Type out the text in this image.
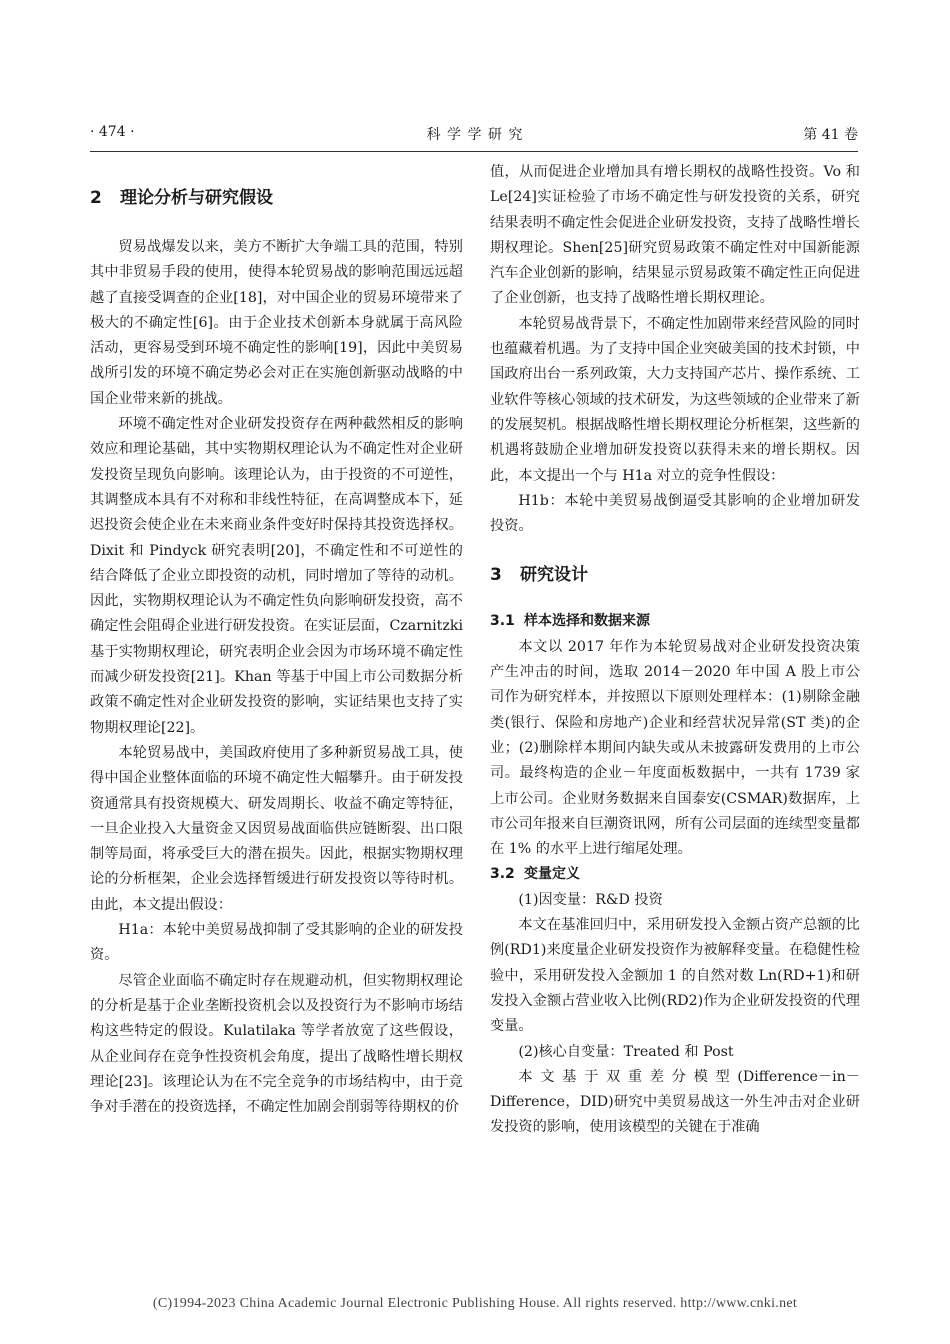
· 474 ·	科 学 学 研 究	第 41 卷
2 理论分析与研究假设

贸易战爆发以来，美方不断扩大争端工具的范围，特别其中非贸易手段的使用，使得本轮贸易战的影响范围远远超越了直接受调查的企业[18]，对中国企业的贸易环境带来了极大的不确定性[6]。由于企业技术创新本身就属于高风险活动，更容易受到环境不确定性的影响[19]，因此中美贸易战所引发的环境不确定势必会对正在实施创新驱动战略的中国企业带来新的挑战。

环境不确定性对企业研发投资存在两种截然相反的影响效应和理论基础，其中实物期权理论认为不确定性对企业研发投资呈现负向影响。该理论认为，由于投资的不可逆性，其调整成本具有不对称和非线性特征，在高调整成本下，延迟投资会使企业在未来商业条件变好时保持其投资选择权。Dixit 和 Pindyck 研究表明[20]，不确定性和不可逆性的结合降低了企业立即投资的动机，同时增加了等待的动机。因此，实物期权理论认为不确定性负向影响研发投资，高不确定性会阻碍企业进行研发投资。在实证层面，Czarnitzki 基于实物期权理论，研究表明企业会因为市场环境不确定性而减少研发投资[21]。Khan 等基于中国上市公司数据分析政策不确定性对企业研发投资的影响，实证结果也支持了实物期权理论[22]。

本轮贸易战中，美国政府使用了多种新贸易战工具，使得中国企业整体面临的环境不确定性大幅攀升。由于研发投资通常具有投资规模大、研发周期长、收益不确定等特征，一旦企业投入大量资金又因贸易战面临供应链断裂、出口限制等局面，将承受巨大的潜在损失。因此，根据实物期权理论的分析框架，企业会选择暂缓进行研发投资以等待时机。由此，本文提出假设：

H1a：本轮中美贸易战抑制了受其影响的企业的研发投资。

尽管企业面临不确定时存在规避动机，但实物期权理论的分析是基于企业垄断投资机会以及投资行为不影响市场结构这些特定的假设。Kulatilaka 等学者放宽了这些假设，从企业间存在竞争性投资机会角度，提出了战略性增长期权理论[23]。该理论认为在不完全竞争的市场结构中，由于竞争对手潜在的投资选择，不确定性加剧会削弱等待期权的价

值，从而促进企业增加具有增长期权的战略性投资。Vo 和 Le[24]实证检验了市场不确定性与研发投资的关系，研究结果表明不确定性会促进企业研发投资，支持了战略性增长期权理论。Shen[25]研究贸易政策不确定性对中国新能源汽车企业创新的影响，结果显示贸易政策不确定性正向促进了企业创新，也支持了战略性增长期权理论。

本轮贸易战背景下，不确定性加剧带来经营风险的同时也蕴藏着机遇。为了支持中国企业突破美国的技术封锁，中国政府出台一系列政策，大力支持国产芯片、操作系统、工业软件等核心领域的技术研发，为这些领域的企业带来了新的发展契机。根据战略性增长期权理论分析框架，这些新的机遇将鼓励企业增加研发投资以获得未来的增长期权。因此，本文提出一个与 H1a 对立的竞争性假设：

H1b：本轮中美贸易战倒逼受其影响的企业增加研发投资。

3 研究设计
3.1 样本选择和数据来源

本文以 2017 年作为本轮贸易战对企业研发投资决策产生冲击的时间，选取 2014－2020 年中国 A 股上市公司作为研究样本，并按照以下原则处理样本：(1)剔除金融类(银行、保险和房地产)企业和经营状况异常(ST 类)的企业；(2)删除样本期间内缺失或从未披露研发费用的上市公司。最终构造的企业－年度面板数据中，一共有 1739 家上市公司。企业财务数据来自国泰安(CSMAR)数据库，上市公司年报来自巨潮资讯网，所有公司层面的连续型变量都在 1% 的水平上进行缩尾处理。

3.2 变量定义

(1)因变量：R&D 投资

本文在基准回归中，采用研发投入金额占资产总额的比例(RD1)来度量企业研发投资作为被解释变量。在稳健性检验中，采用研发投入金额加 1 的自然对数 Ln(RD+1)和研发投入金额占营业收入比例(RD2)作为企业研发投资的代理变量。

(2)核心自变量：Treated 和 Post

本文基于双重差分模型(Difference－in－Difference，DID)研究中美贸易战这一外生冲击对企业研发投资的影响，使用该模型的关键在于准确

(C)1994-2023 China Academic Journal Electronic Publishing House. All rights reserved. http://www.cnki.net
